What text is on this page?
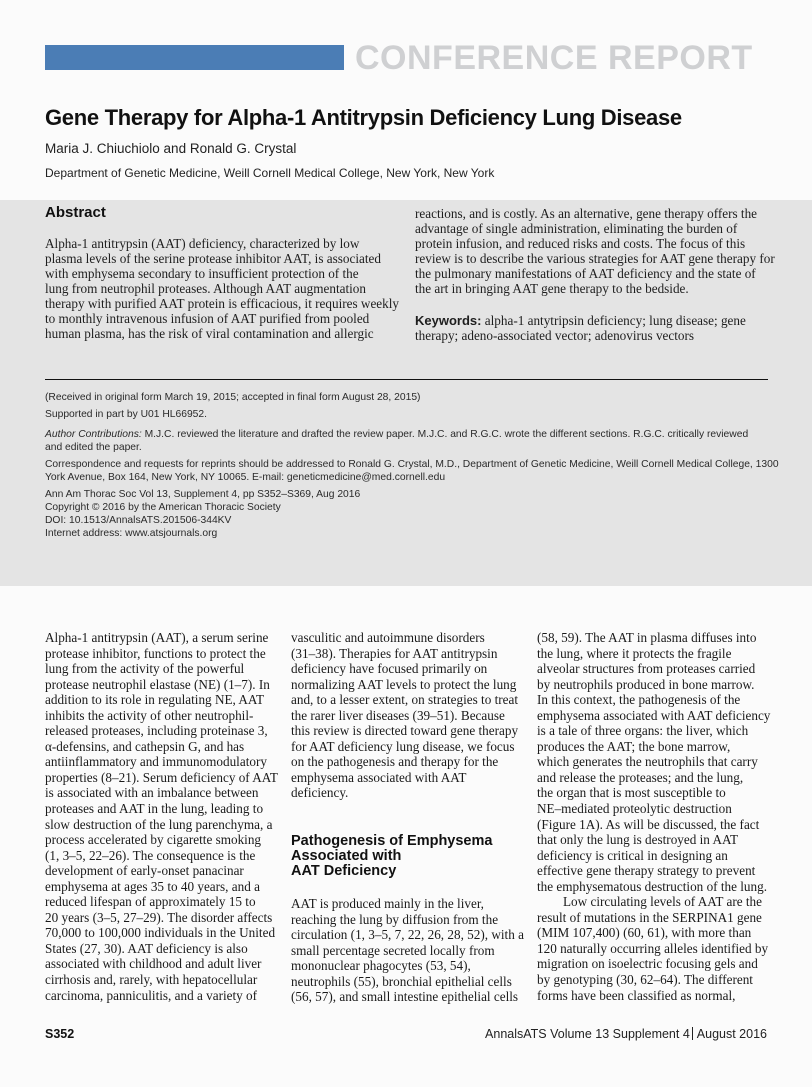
CONFERENCE REPORT
Gene Therapy for Alpha-1 Antitrypsin Deficiency Lung Disease
Maria J. Chiuchiolo and Ronald G. Crystal
Department of Genetic Medicine, Weill Cornell Medical College, New York, New York
Abstract
Alpha-1 antitrypsin (AAT) deficiency, characterized by low
plasma levels of the serine protease inhibitor AAT, is associated
with emphysema secondary to insufficient protection of the
lung from neutrophil proteases. Although AAT augmentation
therapy with purified AAT protein is efficacious, it requires weekly
to monthly intravenous infusion of AAT purified from pooled
human plasma, has the risk of viral contamination and allergic
reactions, and is costly. As an alternative, gene therapy offers the
advantage of single administration, eliminating the burden of
protein infusion, and reduced risks and costs. The focus of this
review is to describe the various strategies for AAT gene therapy for
the pulmonary manifestations of AAT deficiency and the state of
the art in bringing AAT gene therapy to the bedside.
Keywords: alpha-1 antytripsin deficiency; lung disease; gene
therapy; adeno-associated vector; adenovirus vectors
(Received in original form March 19, 2015; accepted in final form August 28, 2015)
Supported in part by U01 HL66952.
Author Contributions: M.J.C. reviewed the literature and drafted the review paper. M.J.C. and R.G.C. wrote the different sections. R.G.C. critically reviewed
and edited the paper.
Correspondence and requests for reprints should be addressed to Ronald G. Crystal, M.D., Department of Genetic Medicine, Weill Cornell Medical College, 1300
York Avenue, Box 164, New York, NY 10065. E-mail: geneticmedicine@med.cornell.edu
Ann Am Thorac Soc Vol 13, Supplement 4, pp S352–S369, Aug 2016
Copyright © 2016 by the American Thoracic Society
DOI: 10.1513/AnnalsATS.201506-344KV
Internet address: www.atsjournals.org
Alpha-1 antitrypsin (AAT), a serum serine
protease inhibitor, functions to protect the
lung from the activity of the powerful
protease neutrophil elastase (NE) (1–7). In
addition to its role in regulating NE, AAT
inhibits the activity of other neutrophil-
released proteases, including proteinase 3,
α-defensins, and cathepsin G, and has
antiinflammatory and immunomodulatory
properties (8–21). Serum deficiency of AAT
is associated with an imbalance between
proteases and AAT in the lung, leading to
slow destruction of the lung parenchyma, a
process accelerated by cigarette smoking
(1, 3–5, 22–26). The consequence is the
development of early-onset panacinar
emphysema at ages 35 to 40 years, and a
reduced lifespan of approximately 15 to
20 years (3–5, 27–29). The disorder affects
70,000 to 100,000 individuals in the United
States (27, 30). AAT deficiency is also
associated with childhood and adult liver
cirrhosis and, rarely, with hepatocellular
carcinoma, panniculitis, and a variety of
vasculitic and autoimmune disorders
(31–38). Therapies for AAT antitrypsin
deficiency have focused primarily on
normalizing AAT levels to protect the lung
and, to a lesser extent, on strategies to treat
the rarer liver diseases (39–51). Because
this review is directed toward gene therapy
for AAT deficiency lung disease, we focus
on the pathogenesis and therapy for the
emphysema associated with AAT
deficiency.
Pathogenesis of Emphysema
Associated with
AAT Deficiency
AAT is produced mainly in the liver,
reaching the lung by diffusion from the
circulation (1, 3–5, 7, 22, 26, 28, 52), with a
small percentage secreted locally from
mononuclear phagocytes (53, 54),
neutrophils (55), bronchial epithelial cells
(56, 57), and small intestine epithelial cells
(58, 59). The AAT in plasma diffuses into
the lung, where it protects the fragile
alveolar structures from proteases carried
by neutrophils produced in bone marrow.
In this context, the pathogenesis of the
emphysema associated with AAT deficiency
is a tale of three organs: the liver, which
produces the AAT; the bone marrow,
which generates the neutrophils that carry
and release the proteases; and the lung,
the organ that is most susceptible to
NE–mediated proteolytic destruction
(Figure 1A). As will be discussed, the fact
that only the lung is destroyed in AAT
deficiency is critical in designing an
effective gene therapy strategy to prevent
the emphysematous destruction of the lung.
Low circulating levels of AAT are the
result of mutations in the SERPINA1 gene
(MIM 107,400) (60, 61), with more than
120 naturally occurring alleles identified by
migration on isoelectric focusing gels and
by genotyping (30, 62–64). The different
forms have been classified as normal,
S352	AnnalsATS Volume 13 Supplement 4 August 2016
